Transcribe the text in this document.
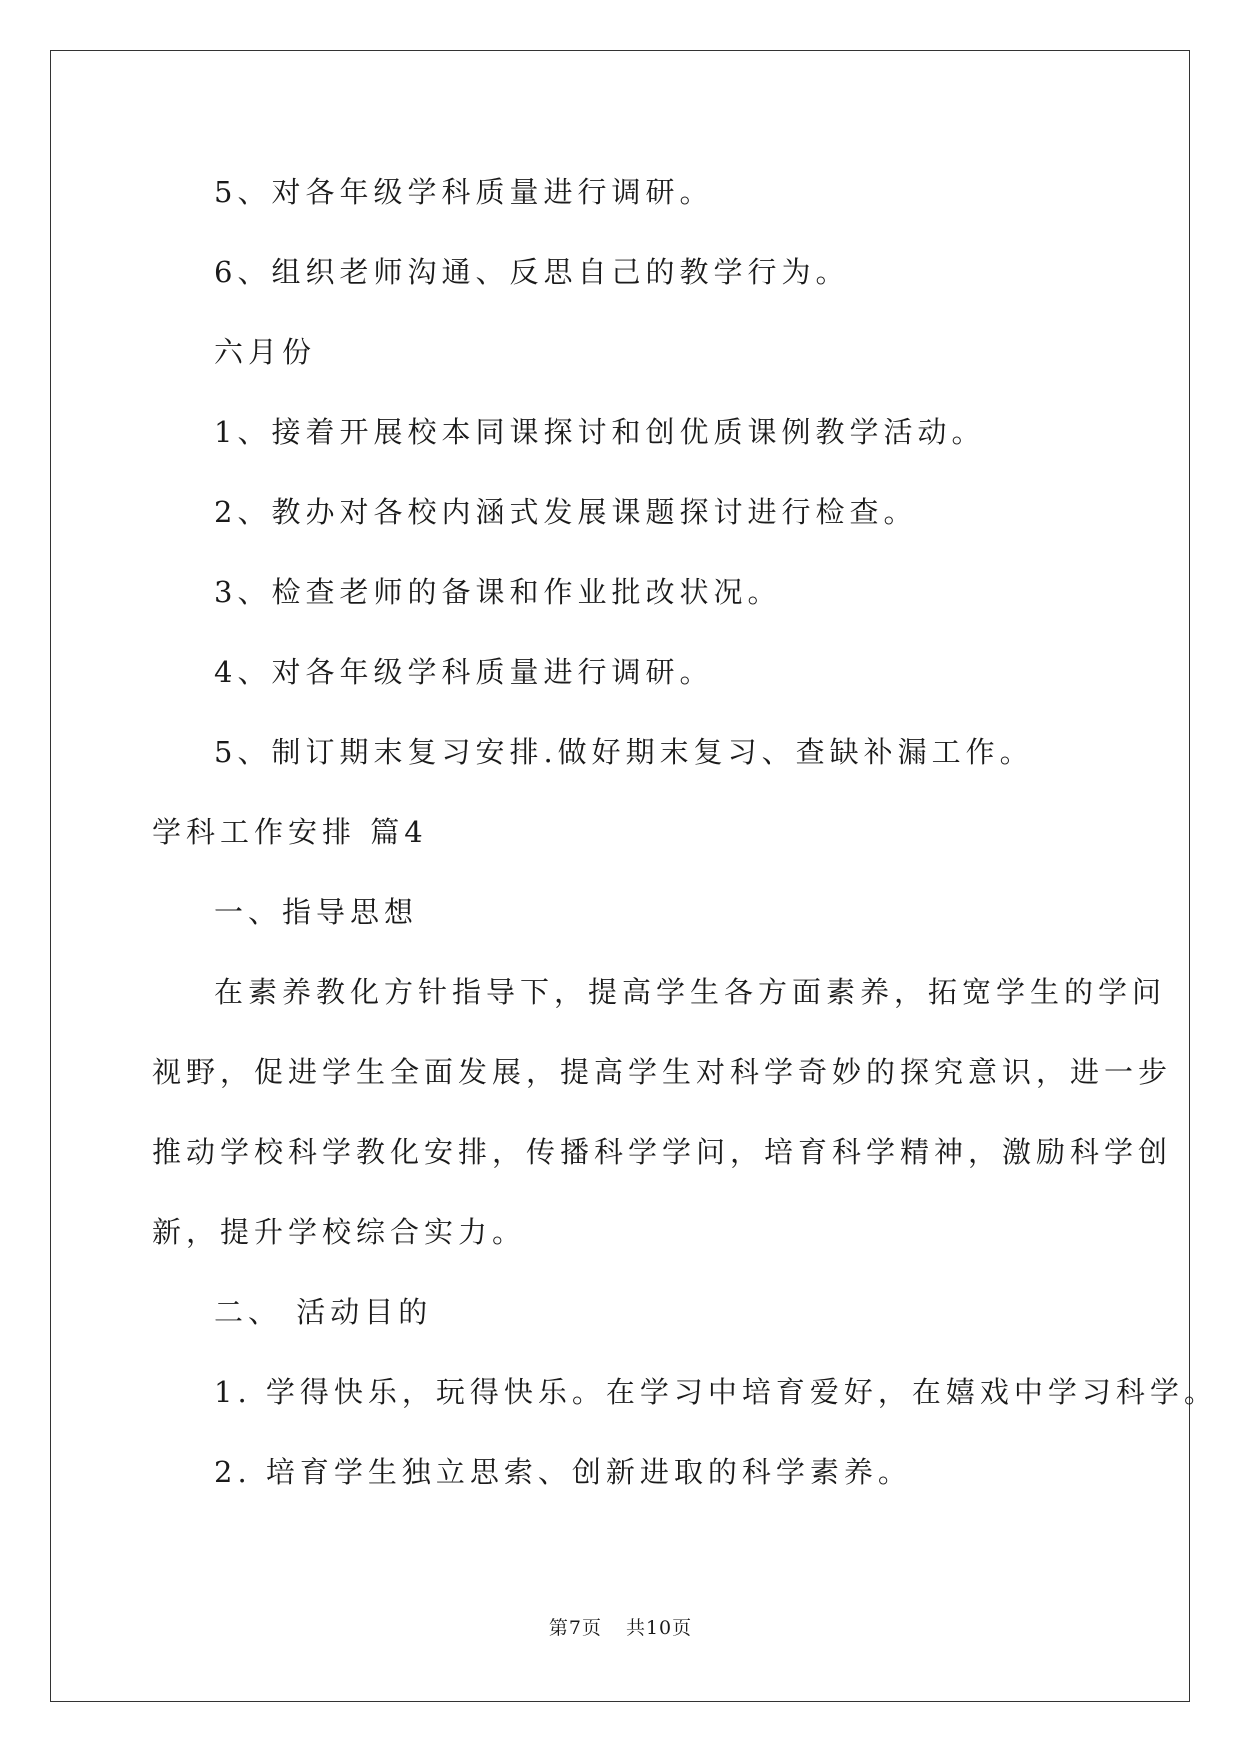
5、对各年级学科质量进行调研。

6、组织老师沟通、反思自己的教学行为。

六月份

1、接着开展校本同课探讨和创优质课例教学活动。

2、教办对各校内涵式发展课题探讨进行检查。

3、检查老师的备课和作业批改状况。

4、对各年级学科质量进行调研。

5、制订期末复习安排.做好期末复习、查缺补漏工作。

学科工作安排 篇4

一、指导思想

在素养教化方针指导下，提高学生各方面素养，拓宽学生的学问

视野，促进学生全面发展，提高学生对科学奇妙的探究意识，进一步

推动学校科学教化安排，传播科学学问，培育科学精神，激励科学创

新，提升学校综合实力。

二、 活动目的

1. 学得快乐，玩得快乐。在学习中培育爱好，在嬉戏中学习科学。

2. 培育学生独立思索、创新进取的科学素养。

第7页 共10页
